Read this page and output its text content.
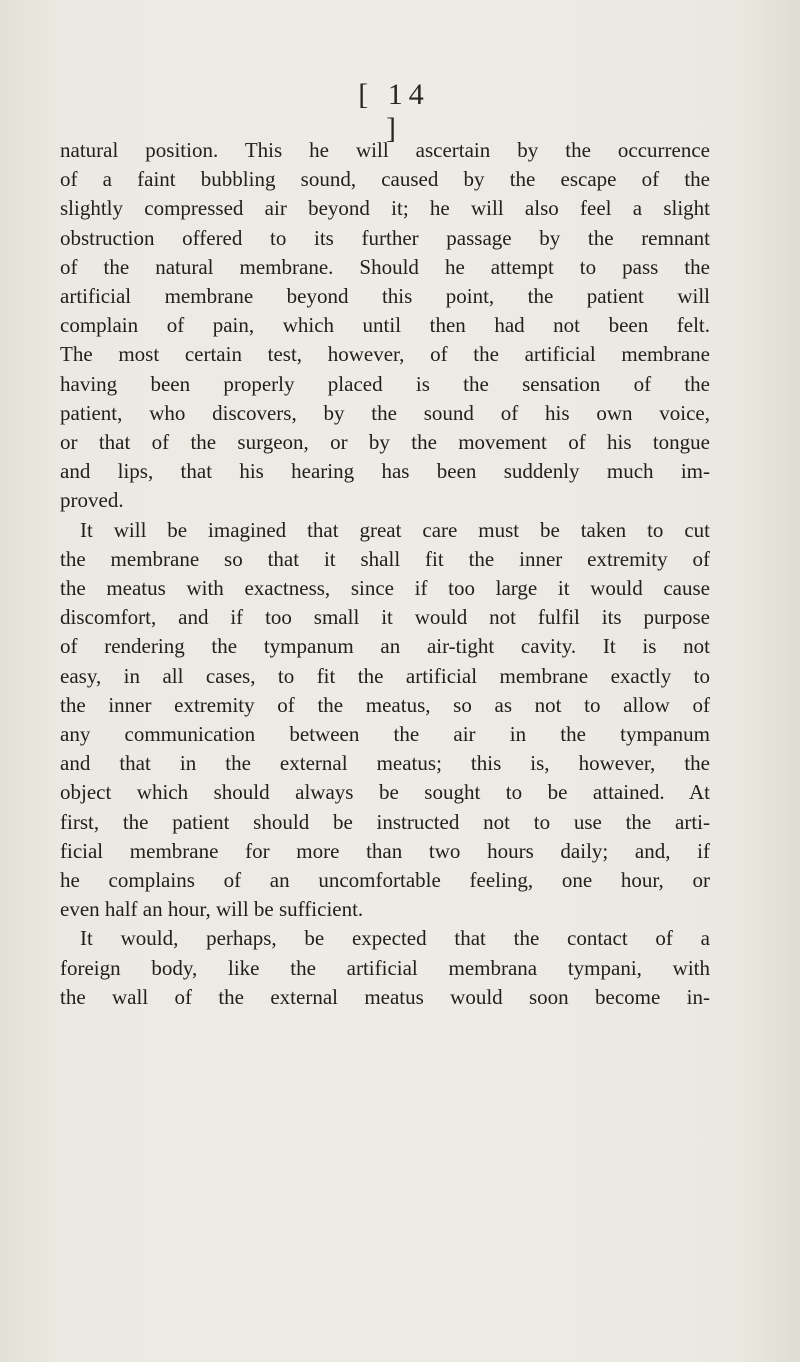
[ 14 ]

natural position. This he will ascertain by the occurrence
of a faint bubbling sound, caused by the escape of the
slightly compressed air beyond it; he will also feel a slight
obstruction offered to its further passage by the remnant
of the natural membrane. Should he attempt to pass the
artificial membrane beyond this point, the patient will
complain of pain, which until then had not been felt.
The most certain test, however, of the artificial membrane
having been properly placed is the sensation of the
patient, who discovers, by the sound of his own voice,
or that of the surgeon, or by the movement of his tongue
and lips, that his hearing has been suddenly much im-
proved.

It will be imagined that great care must be taken to cut
the membrane so that it shall fit the inner extremity of
the meatus with exactness, since if too large it would cause
discomfort, and if too small it would not fulfil its purpose
of rendering the tympanum an air-tight cavity. It is not
easy, in all cases, to fit the artificial membrane exactly to
the inner extremity of the meatus, so as not to allow of
any communication between the air in the tympanum
and that in the external meatus; this is, however, the
object which should always be sought to be attained. At
first, the patient should be instructed not to use the arti-
ficial membrane for more than two hours daily; and, if
he complains of an uncomfortable feeling, one hour, or
even half an hour, will be sufficient.

It would, perhaps, be expected that the contact of a
foreign body, like the artificial membrana tympani, with
the wall of the external meatus would soon become in-
